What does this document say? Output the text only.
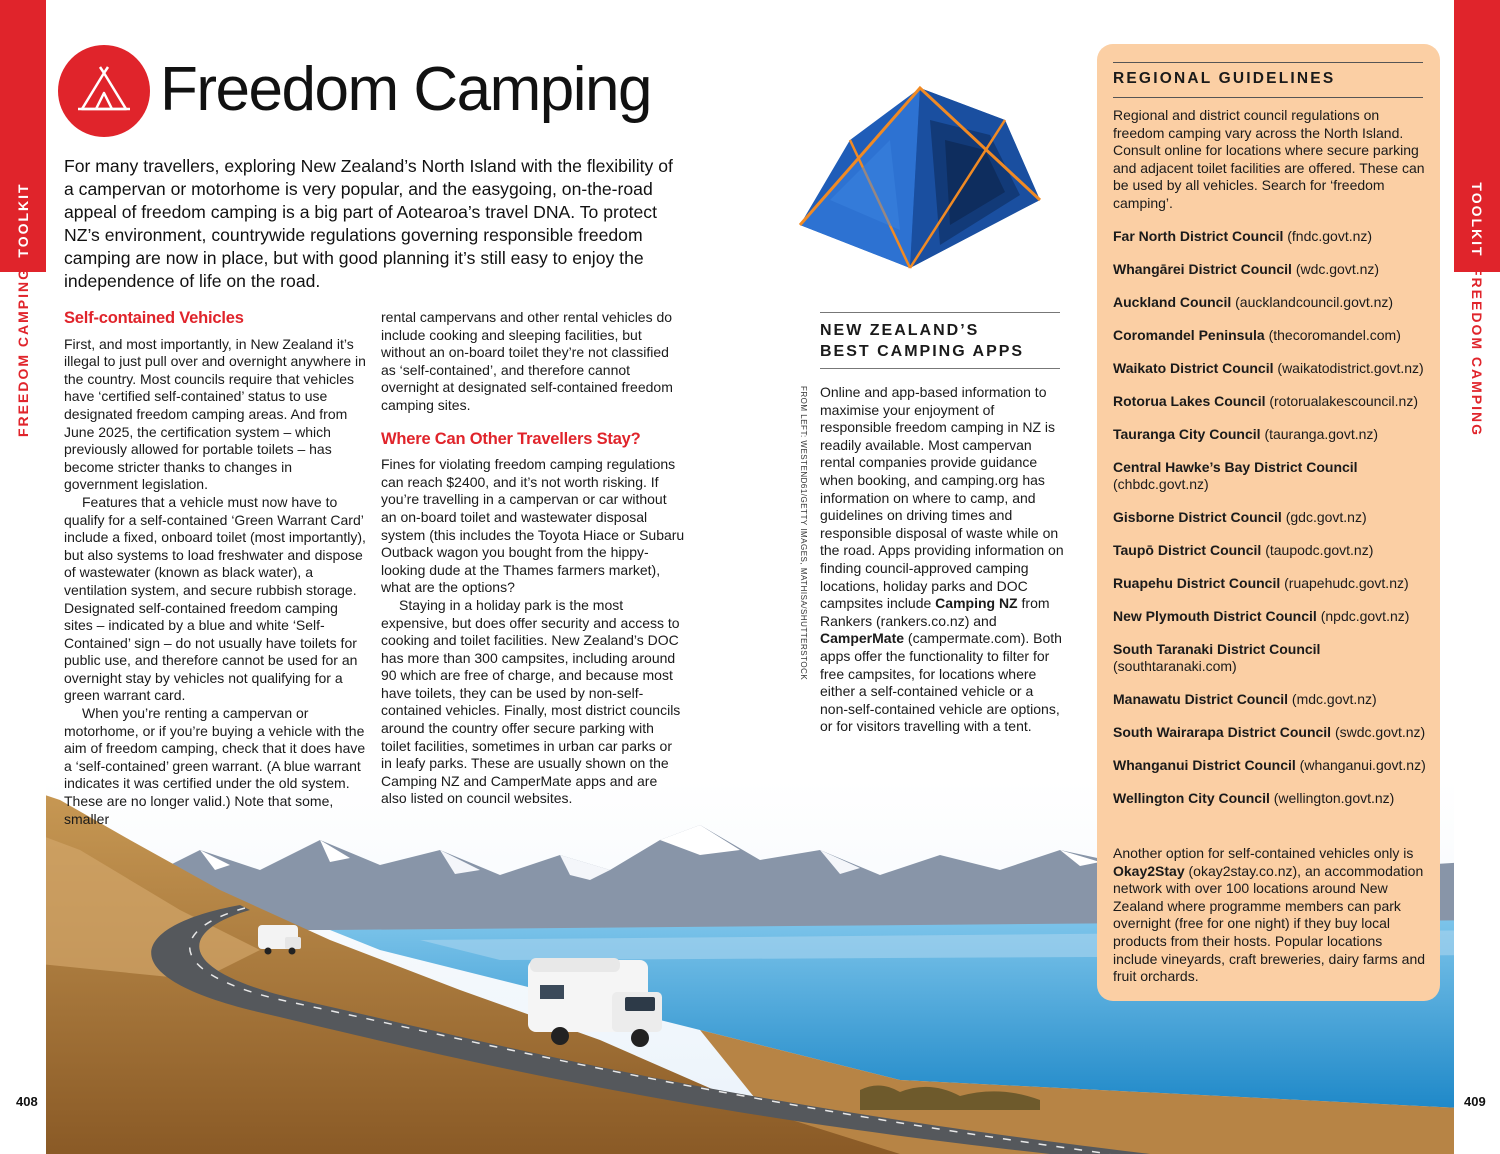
TOOLKIT
FREEDOM CAMPING
408
TOOLKIT
FREEDOM CAMPING
409
Freedom Camping

For many travellers, exploring New Zealand’s North Island with the flexibility of a campervan or motorhome is very popular, and the easygoing, on-the-road appeal of freedom camping is a big part of Aotearoa’s travel DNA. To protect NZ’s environment, countrywide regulations governing responsible freedom camping are now in place, but with good planning it’s still easy to enjoy the independence of life on the road.

Self-contained Vehicles

First, and most importantly, in New Zealand it’s illegal to just pull over and overnight anywhere in the country. Most councils require that vehicles have ‘certified self-contained’ status to use designated freedom camping areas. And from June 2025, the certification system – which previously allowed for portable toilets – has become stricter thanks to changes in government legislation.

Features that a vehicle must now have to qualify for a self-contained ‘Green Warrant Card’ include a fixed, onboard toilet (most importantly), but also systems to load freshwater and dispose of wastewater (known as black water), a ventilation system, and secure rubbish storage. Designated self-contained freedom camping sites – indicated by a blue and white ‘Self-Contained’ sign – do not usually have toilets for public use, and therefore cannot be used for an overnight stay by vehicles not qualifying for a green warrant card.

When you’re renting a campervan or motorhome, or if you’re buying a vehicle with the aim of freedom camping, check that it does have a ‘self-contained’ green warrant. (A blue warrant indicates it was certified under the old system. These are no longer valid.) Note that some, smaller

rental campervans and other rental vehicles do include cooking and sleeping facilities, but without an on-board toilet they’re not classified as ‘self-contained’, and therefore cannot overnight at designated self-contained freedom camping sites.

Where Can Other Travellers Stay?

Fines for violating freedom camping regulations can reach $2400, and it’s not worth risking. If you’re travelling in a campervan or car without an on-board toilet and wastewater disposal system (this includes the Toyota Hiace or Subaru Outback wagon you bought from the hippy-looking dude at the Thames farmers market), what are the options?

Staying in a holiday park is the most expensive, but does offer security and access to cooking and toilet facilities. New Zealand’s DOC has more than 300 campsites, including around 90 which are free of charge, and because most have toilets, they can be used by non-self-contained vehicles. Finally, most district councils around the country offer secure parking with toilet facilities, sometimes in urban car parks or in leafy parks. These are usually shown on the Camping NZ and CamperMate apps and are also listed on council websites.

NEW ZEALAND’S
BEST CAMPING APPS

Online and app-based information to maximise your enjoyment of responsible freedom camping in NZ is readily available. Most campervan rental companies provide guidance when booking, and camping.org has information on where to camp, and guidelines on driving times and responsible disposal of waste while on the road. Apps providing information on finding council-approved camping locations, holiday parks and DOC campsites include Camping NZ from Rankers (rankers.co.nz) and CamperMate (campermate.com). Both apps offer the functionality to filter for free campsites, for locations where either a self-contained vehicle or a non-self-contained vehicle are options, or for visitors travelling with a tent.

FROM LEFT: WESTEND61/GETTY IMAGES, MATHISA/SHUTTERSTOCK
REGIONAL GUIDELINES

Regional and district council regulations on freedom camping vary across the North Island. Consult online for locations where secure parking and adjacent toilet facilities are offered. These can be used by all vehicles. Search for ‘freedom camping’.

Far North District Council (fndc.govt.nz)
Whangārei District Council (wdc.govt.nz)
Auckland Council (aucklandcouncil.govt.nz)
Coromandel Peninsula (thecoromandel.com)
Waikato District Council (waikatodistrict.govt.nz)
Rotorua Lakes Council (rotorualakescouncil.nz)
Tauranga City Council (tauranga.govt.nz)
Central Hawke’s Bay District Council (chbdc.govt.nz)
Gisborne District Council (gdc.govt.nz)
Taupō District Council (taupodc.govt.nz)
Ruapehu District Council (ruapehudc.govt.nz)
New Plymouth District Council (npdc.govt.nz)
South Taranaki District Council (southtaranaki.com)
Manawatu District Council (mdc.govt.nz)
South Wairarapa District Council (swdc.govt.nz)
Whanganui District Council (whanganui.govt.nz)
Wellington City Council (wellington.govt.nz)

Another option for self-contained vehicles only is Okay2Stay (okay2stay.co.nz), an accommodation network with over 100 locations around New Zealand where programme members can park overnight (free for one night) if they buy local products from their hosts. Popular locations include vineyards, craft breweries, dairy farms and fruit orchards.
